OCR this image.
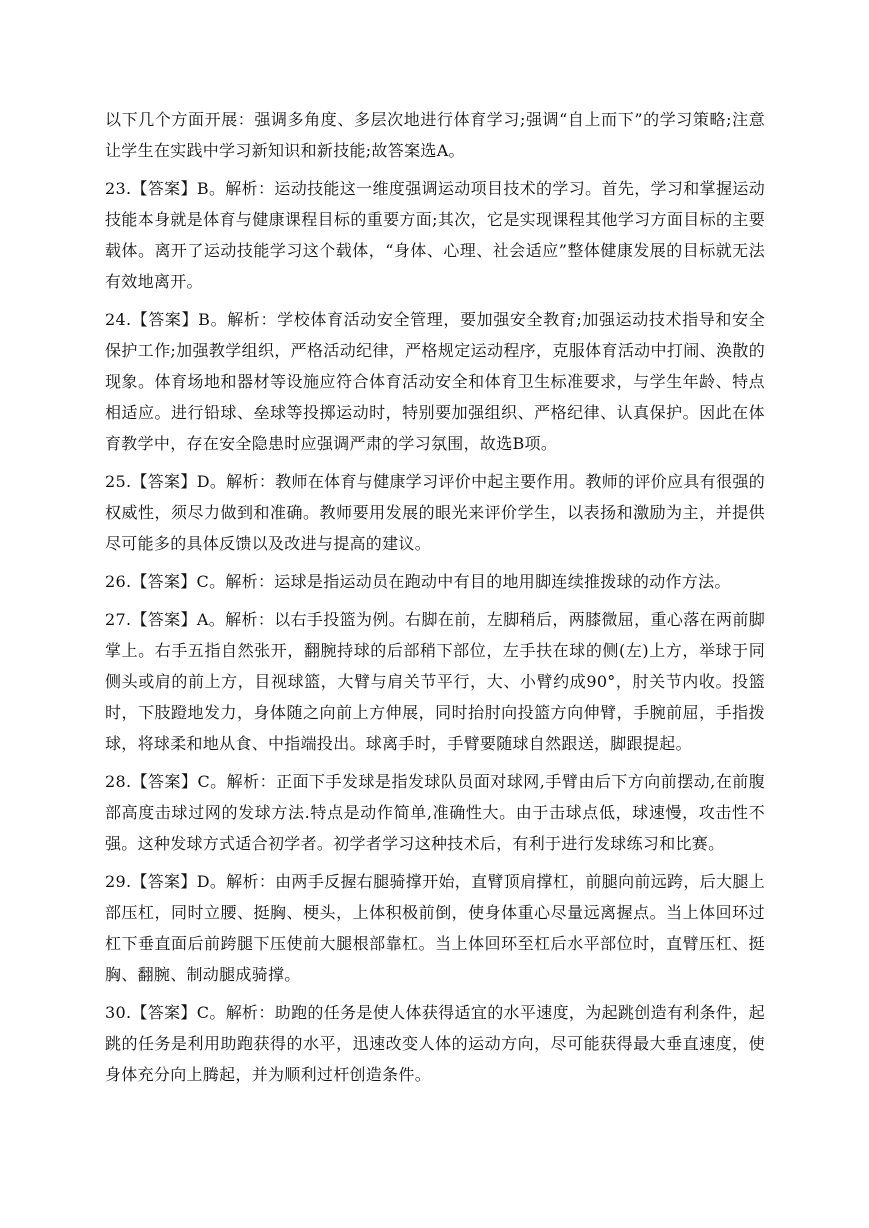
以下几个方面开展：强调多角度、多层次地进行体育学习;强调“自上而下”的学习策略;注意让学生在实践中学习新知识和新技能;故答案选A。

23.【答案】B。解析：运动技能这一维度强调运动项目技术的学习。首先，学习和掌握运动技能本身就是体育与健康课程目标的重要方面;其次，它是实现课程其他学习方面目标的主要载体。离开了运动技能学习这个载体，“身体、心理、社会适应”整体健康发展的目标就无法有效地离开。

24.【答案】B。解析：学校体育活动安全管理，要加强安全教育;加强运动技术指导和安全保护工作;加强教学组织，严格活动纪律，严格规定运动程序，克服体育活动中打闹、涣散的现象。体育场地和器材等设施应符合体育活动安全和体育卫生标准要求，与学生年龄、特点相适应。进行铅球、垒球等投掷运动时，特别要加强组织、严格纪律、认真保护。因此在体育教学中，存在安全隐患时应强调严肃的学习氛围，故选B项。

25.【答案】D。解析：教师在体育与健康学习评价中起主要作用。教师的评价应具有很强的权威性，须尽力做到和准确。教师要用发展的眼光来评价学生，以表扬和激励为主，并提供尽可能多的具体反馈以及改进与提高的建议。

26.【答案】C。解析：运球是指运动员在跑动中有目的地用脚连续推拨球的动作方法。

27.【答案】A。解析：以右手投篮为例。右脚在前，左脚稍后，两膝微屈，重心落在两前脚掌上。右手五指自然张开，翻腕持球的后部稍下部位，左手扶在球的侧(左)上方，举球于同侧头或肩的前上方，目视球篮，大臂与肩关节平行，大、小臂约成90°，肘关节内收。投篮时，下肢蹬地发力，身体随之向前上方伸展，同时抬肘向投篮方向伸臂，手腕前屈，手指拨球，将球柔和地从食、中指端投出。球离手时，手臂要随球自然跟送，脚跟提起。

28.【答案】C。解析：正面下手发球是指发球队员面对球网,手臂由后下方向前摆动,在前腹部高度击球过网的发球方法.特点是动作简单,准确性大。由于击球点低，球速慢，攻击性不强。这种发球方式适合初学者。初学者学习这种技术后，有利于进行发球练习和比赛。

29.【答案】D。解析：由两手反握右腿骑撑开始，直臂顶肩撑杠，前腿向前远跨，后大腿上部压杠，同时立腰、挺胸、梗头，上体积极前倒，使身体重心尽量远离握点。当上体回环过杠下垂直面后前跨腿下压使前大腿根部靠杠。当上体回环至杠后水平部位时，直臂压杠、挺胸、翻腕、制动腿成骑撑。

30.【答案】C。解析：助跑的任务是使人体获得适宜的水平速度，为起跳创造有利条件，起跳的任务是利用助跑获得的水平，迅速改变人体的运动方向，尽可能获得最大垂直速度，使身体充分向上腾起，并为顺利过杆创造条件。
